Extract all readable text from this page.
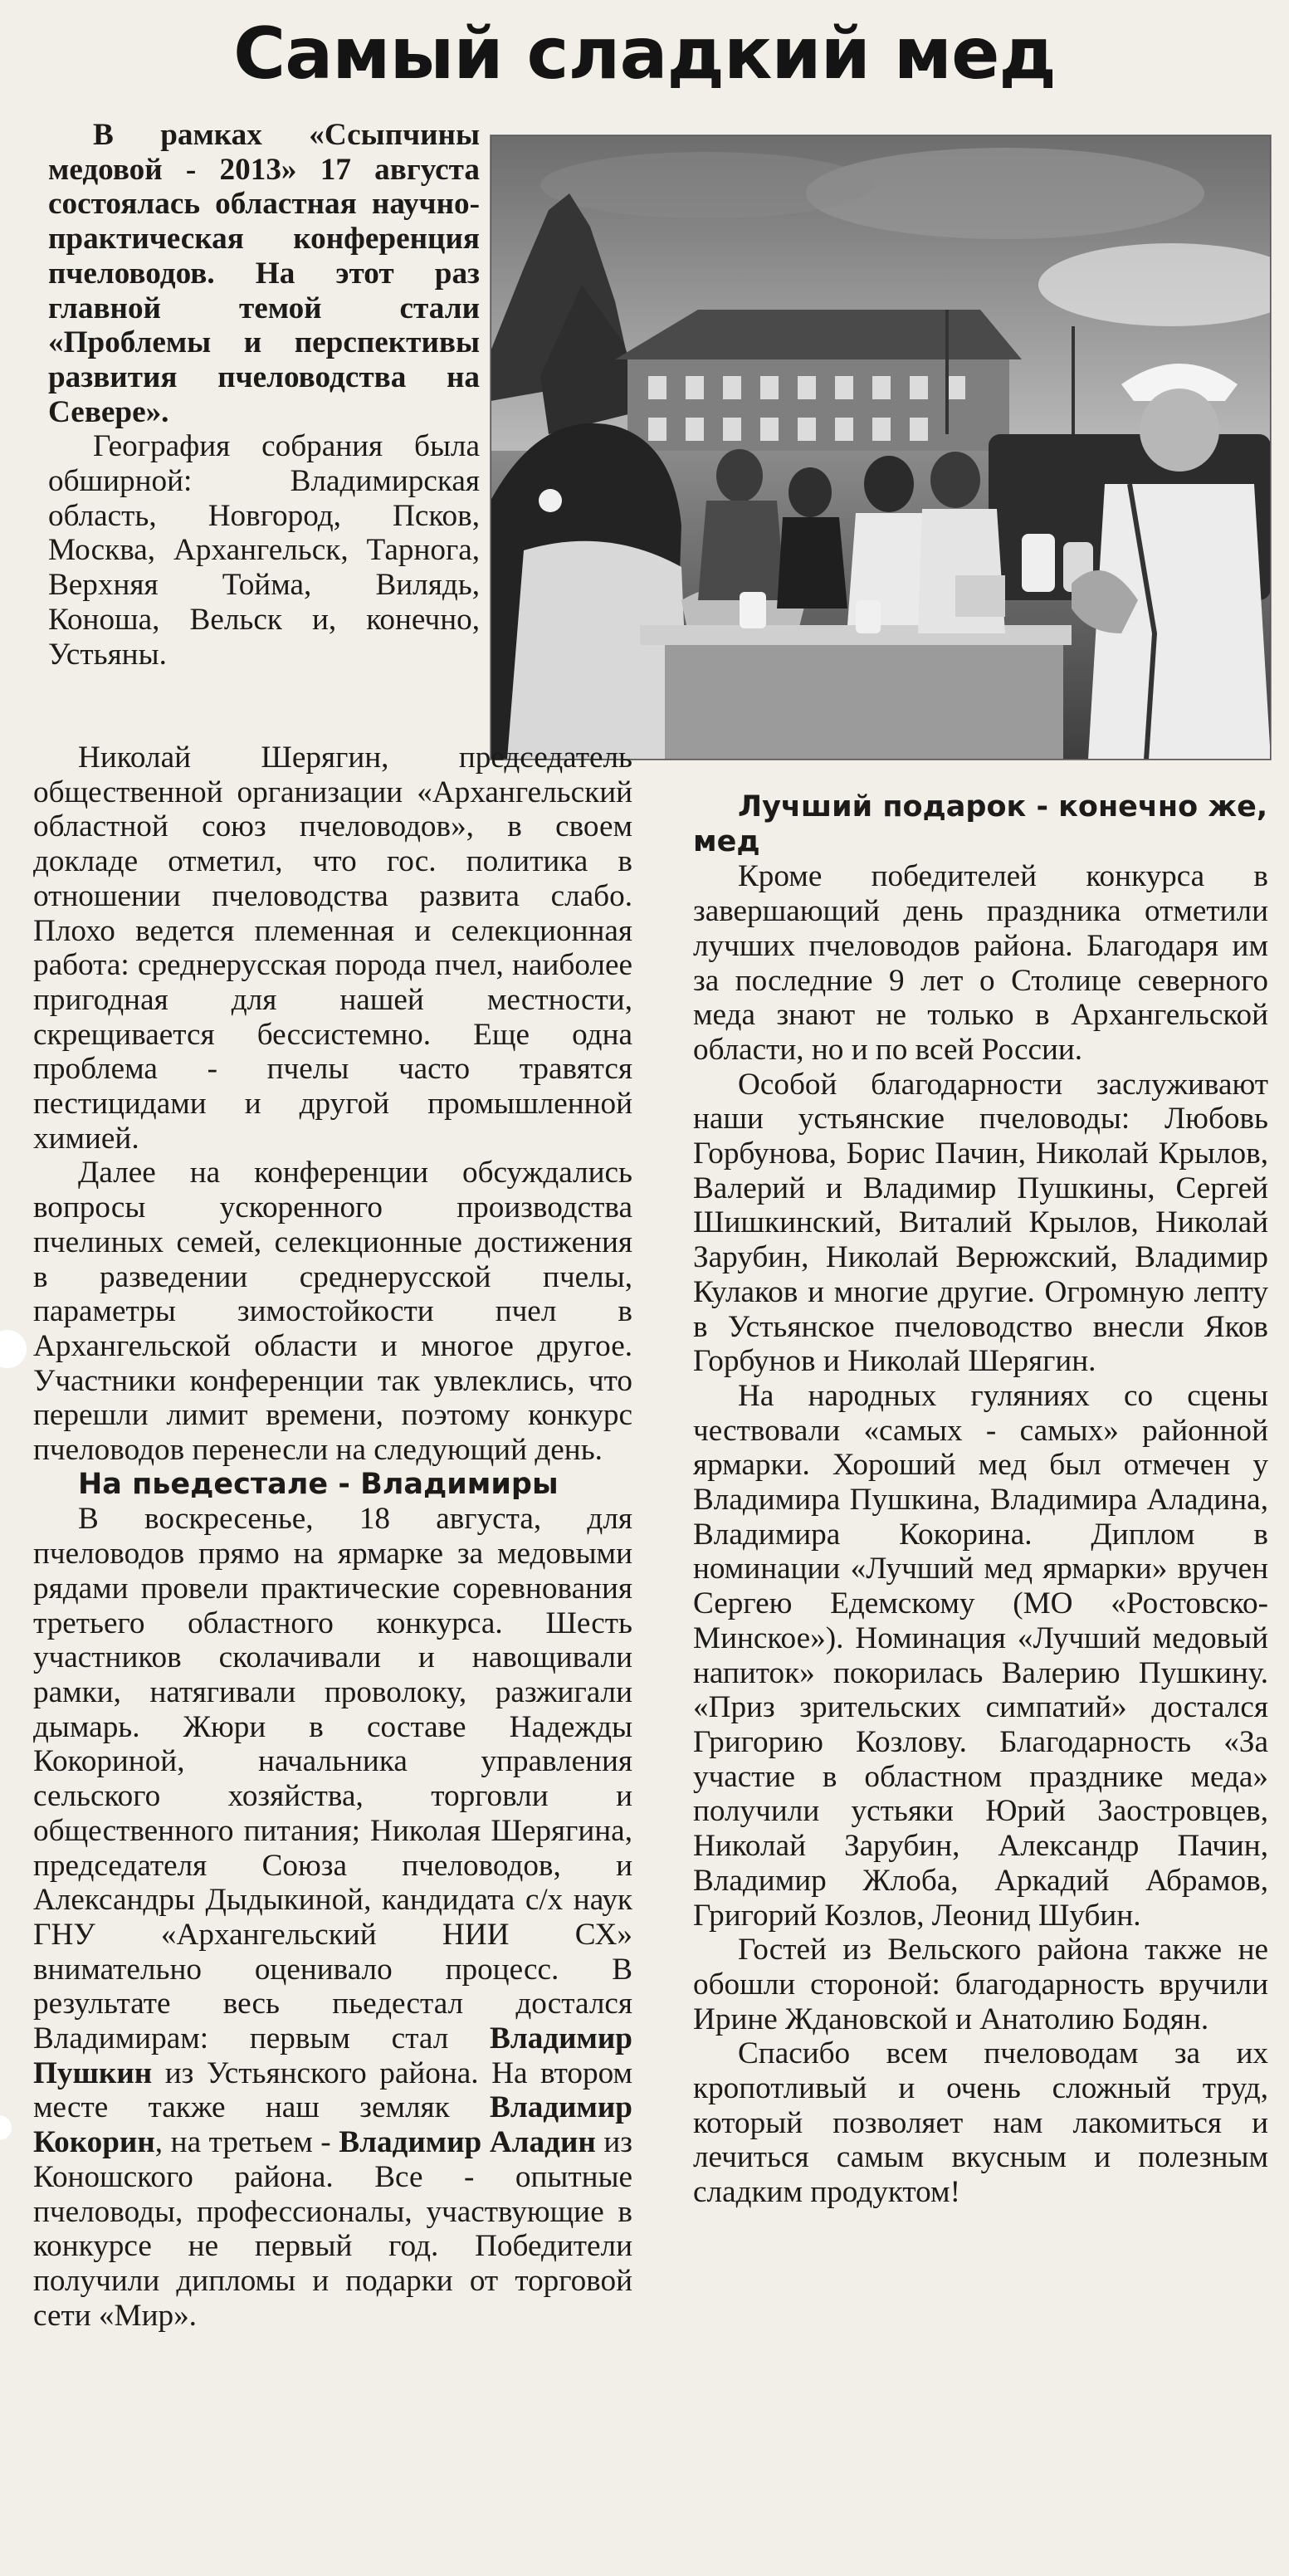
Самый сладкий мед

В рамках «Ссыпчины медовой - 2013» 17 августа состоялась областная научно-практическая конференция пчеловодов. На этот раз главной темой стали «Проблемы и перспективы развития пчеловодства на Севере».

География собрания была обширной: Владимирская область, Новгород, Псков, Москва, Архангельск, Тарнога, Верхняя Тойма, Вилядь, Коноша, Вельск и, конечно, Устьяны.

Николай Шерягин, председатель общественной организации «Архангельский областной союз пчеловодов», в своем докладе отметил, что гос. политика в отношении пчеловодства развита слабо. Плохо ведется племенная и селекционная работа: среднерусская порода пчел, наиболее пригодная для нашей местности, скрещивается бессистемно. Еще одна проблема - пчелы часто травятся пестицидами и другой промышленной химией.

Далее на конференции обсуждались вопросы ускоренного производства пчелиных семей, селекционные достижения в разведении среднерусской пчелы, параметры зимостойкости пчел в Архангельской области и многое другое. Участники конференции так увлеклись, что перешли лимит времени, поэтому конкурс пчеловодов перенесли на следующий день.

На пьедестале - Владимиры

В воскресенье, 18 августа, для пчеловодов прямо на ярмарке за медовыми рядами провели практические соревнования третьего областного конкурса. Шесть участников сколачивали и навощивали рамки, натягивали проволоку, разжигали дымарь. Жюри в составе Надежды Кокориной, начальника управления сельского хозяйства, торговли и общественного питания; Николая Шерягина, председателя Союза пчеловодов, и Александры Дыдыкиной, кандидата с/х наук ГНУ «Архангельский НИИ СХ» внимательно оценивало процесс. В результате весь пьедестал достался Владимирам: первым стал Владимир Пушкин из Устьянского района. На втором месте также наш земляк Владимир Кокорин, на третьем - Владимир Аладин из Коношского района. Все - опытные пчеловоды, профессионалы, участвующие в конкурсе не первый год. Победители получили дипломы и подарки от торговой сети «Мир».

Лучший подарок - конечно же, мед

Кроме победителей конкурса в завершающий день праздника отметили лучших пчеловодов района. Благодаря им за последние 9 лет о Столице северного меда знают не только в Архангельской области, но и по всей России.

Особой благодарности заслуживают наши устьянские пчеловоды: Любовь Горбунова, Борис Пачин, Николай Крылов, Валерий и Владимир Пушкины, Сергей Шишкинский, Виталий Крылов, Николай Зарубин, Николай Верюжский, Владимир Кулаков и многие другие. Огромную лепту в Устьянское пчеловодство внесли Яков Горбунов и Николай Шерягин.

На народных гуляниях со сцены чествовали «самых - самых» районной ярмарки. Хороший мед был отмечен у Владимира Пушкина, Владимира Аладина, Владимира Кокорина. Диплом в номинации «Лучший мед ярмарки» вручен Сергею Едемскому (МО «Ростовско-Минское»). Номинация «Лучший медовый напиток» покорилась Валерию Пушкину. «Приз зрительских симпатий» достался Григорию Козлову. Благодарность «За участие в областном празднике меда» получили устьяки Юрий Заостровцев, Николай Зарубин, Александр Пачин, Владимир Жлоба, Аркадий Абрамов, Григорий Козлов, Леонид Шубин.

Гостей из Вельского района также не обошли стороной: благодарность вручили Ирине Ждановской и Анатолию Бодян.

Спасибо всем пчеловодам за их кропотливый и очень сложный труд, который позволяет нам лакомиться и лечиться самым вкусным и полезным сладким продуктом!
